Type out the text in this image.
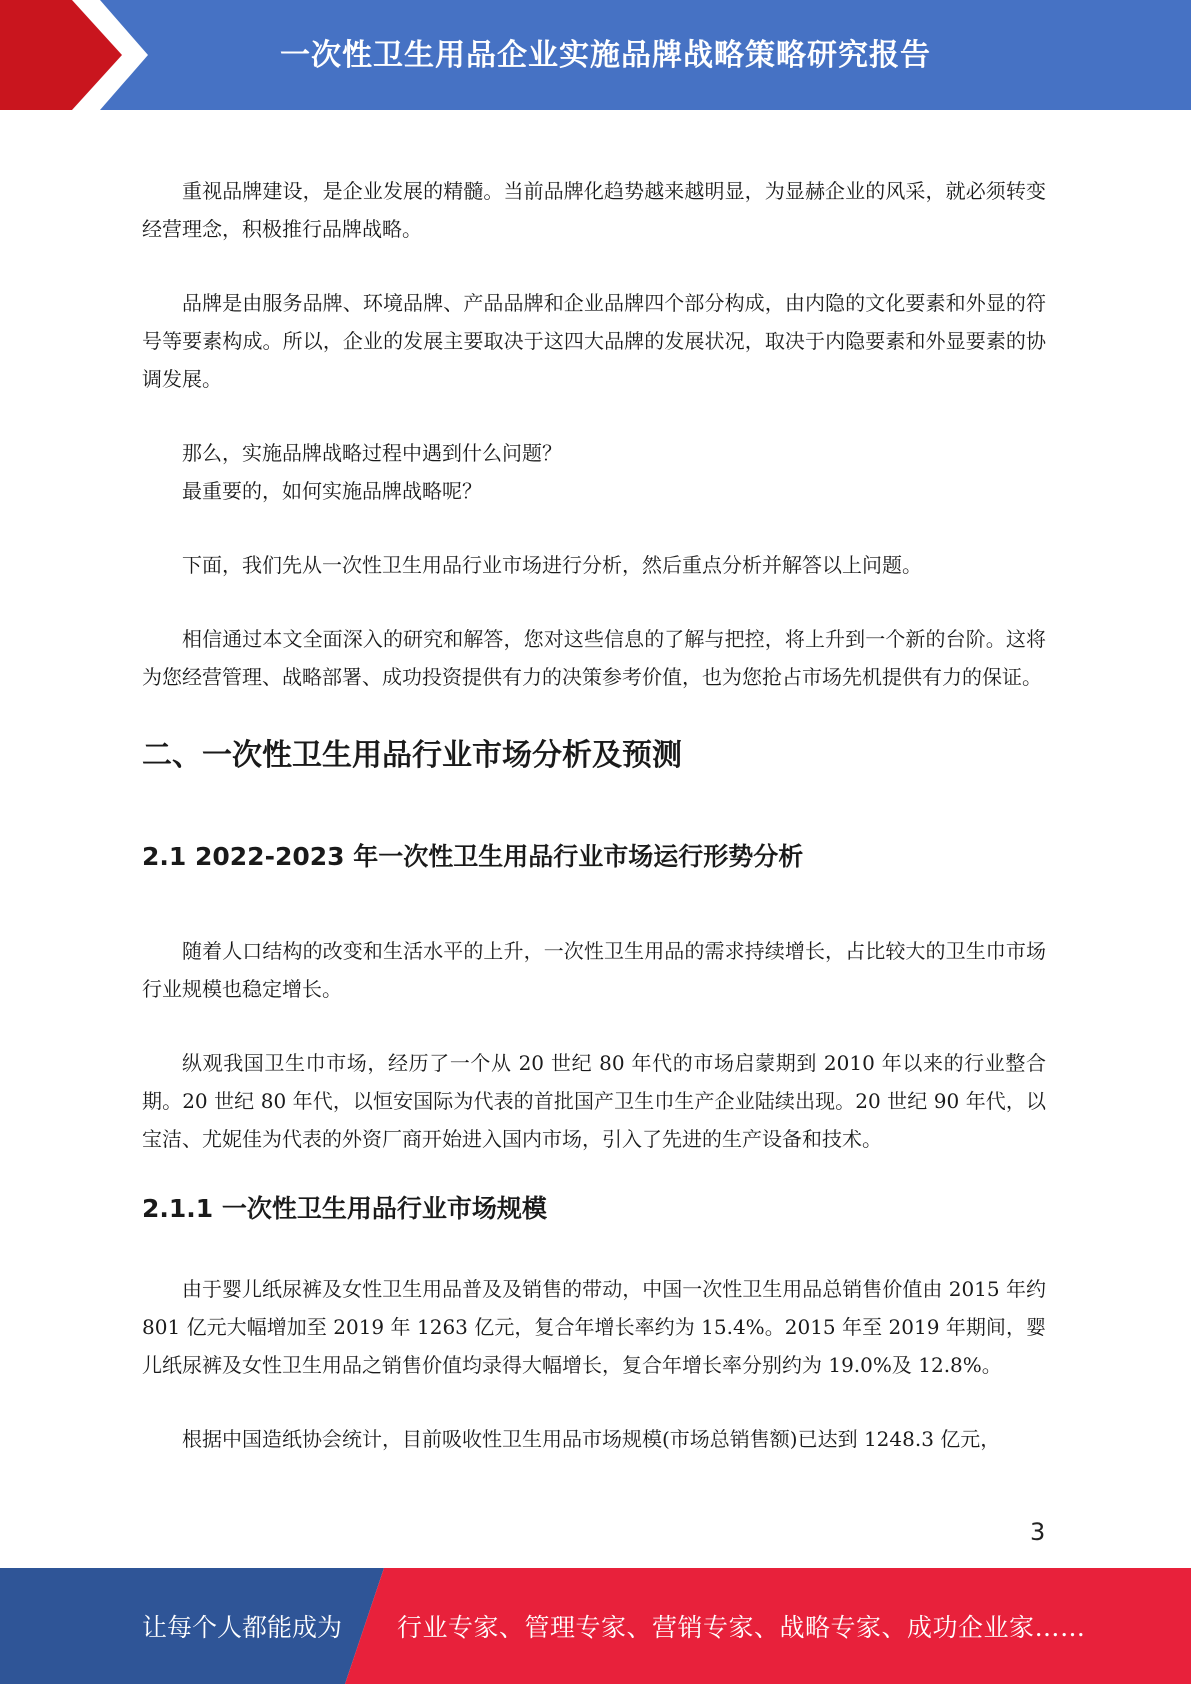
一次性卫生用品企业实施品牌战略策略研究报告

重视品牌建设，是企业发展的精髓。当前品牌化趋势越来越明显，为显赫企业的风采，就必须转变经营理念，积极推行品牌战略。

品牌是由服务品牌、环境品牌、产品品牌和企业品牌四个部分构成，由内隐的文化要素和外显的符号等要素构成。所以，企业的发展主要取决于这四大品牌的发展状况，取决于内隐要素和外显要素的协调发展。

那么，实施品牌战略过程中遇到什么问题？

最重要的，如何实施品牌战略呢？

下面，我们先从一次性卫生用品行业市场进行分析，然后重点分析并解答以上问题。

相信通过本文全面深入的研究和解答，您对这些信息的了解与把控，将上升到一个新的台阶。这将为您经营管理、战略部署、成功投资提供有力的决策参考价值，也为您抢占市场先机提供有力的保证。

二、一次性卫生用品行业市场分析及预测
2.1 2022-2023 年一次性卫生用品行业市场运行形势分析

随着人口结构的改变和生活水平的上升，一次性卫生用品的需求持续增长，占比较大的卫生巾市场行业规模也稳定增长。

纵观我国卫生巾市场，经历了一个从 20 世纪 80 年代的市场启蒙期到 2010 年以来的行业整合期。20 世纪 80 年代，以恒安国际为代表的首批国产卫生巾生产企业陆续出现。20 世纪 90 年代，以宝洁、尤妮佳为代表的外资厂商开始进入国内市场，引入了先进的生产设备和技术。

2.1.1 一次性卫生用品行业市场规模

由于婴儿纸尿裤及女性卫生用品普及及销售的带动，中国一次性卫生用品总销售价值由 2015 年约 801 亿元大幅增加至 2019 年 1263 亿元，复合年增长率约为 15.4%。2015 年至 2019 年期间，婴儿纸尿裤及女性卫生用品之销售价值均录得大幅增长，复合年增长率分别约为 19.0%及 12.8%。

根据中国造纸协会统计，目前吸收性卫生用品市场规模(市场总销售额)已达到 1248.3 亿元，

3
让每个人都能成为 行业专家、管理专家、营销专家、战略专家、成功企业家……
